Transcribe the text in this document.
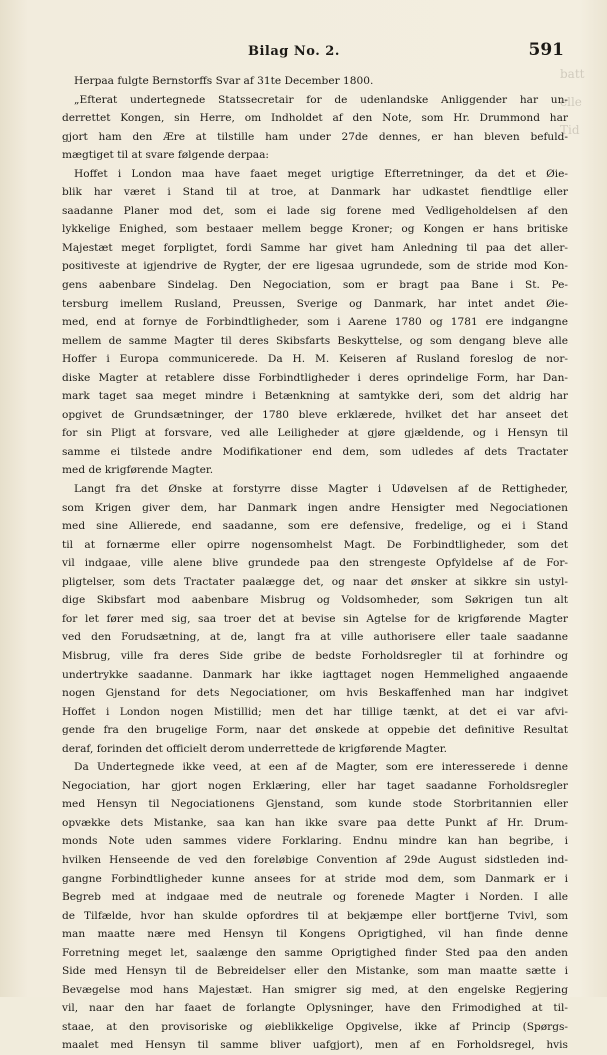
Bilag No. 2.	591
batt
elle
Tid
Herpaa fulgte Bernstorffs Svar af 31te December 1800.
„Efterat undertegnede Statssecretair for de udenlandske Anliggender har un-
derrettet Kongen, sin Herre, om Indholdet af den Note, som Hr. Drummond har
gjort ham den Ære at tilstille ham under 27de dennes, er han bleven befuld-
mægtiget til at svare følgende derpaa:
Hoffet i London maa have faaet meget urigtige Efterretninger, da det et Øie-
blik har været i Stand til at troe, at Danmark har udkastet fiendtlige eller
saadanne Planer mod det, som ei lade sig forene med Vedligeholdelsen af den
lykkelige Enighed, som bestaaer mellem begge Kroner; og Kongen er hans britiske
Majestæt meget forpligtet, fordi Samme har givet ham Anledning til paa det aller-
positiveste at igjendrive de Rygter, der ere ligesaa ugrundede, som de stride mod Kon-
gens aabenbare Sindelag. Den Negociation, som er bragt paa Bane i St. Pe-
tersburg imellem Rusland, Preussen, Sverige og Danmark, har intet andet Øie-
med, end at fornye de Forbindtligheder, som i Aarene 1780 og 1781 ere indgangne
mellem de samme Magter til deres Skibsfarts Beskyttelse, og som dengang bleve alle
Hoffer i Europa communicerede. Da H. M. Keiseren af Rusland foreslog de nor-
diske Magter at retablere disse Forbindtligheder i deres oprindelige Form, har Dan-
mark taget saa meget mindre i Betænkning at samtykke deri, som det aldrig har
opgivet de Grundsætninger, der 1780 bleve erklærede, hvilket det har anseet det
for sin Pligt at forsvare, ved alle Leiligheder at gjøre gjældende, og i Hensyn til
samme ei tilstede andre Modifikationer end dem, som udledes af dets Tractater
med de krigførende Magter.
Langt fra det Ønske at forstyrre disse Magter i Udøvelsen af de Rettigheder,
som Krigen giver dem, har Danmark ingen andre Hensigter med Negociationen
med sine Allierede, end saadanne, som ere defensive, fredelige, og ei i Stand
til at fornærme eller opirre nogensomhelst Magt. De Forbindtligheder, som det
vil indgaae, ville alene blive grundede paa den strengeste Opfyldelse af de For-
pligtelser, som dets Tractater paalægge det, og naar det ønsker at sikkre sin ustyl-
dige Skibsfart mod aabenbare Misbrug og Voldsomheder, som Søkrigen tun alt
for let fører med sig, saa troer det at bevise sin Agtelse for de krigførende Magter
ved den Forudsætning, at de, langt fra at ville authorisere eller taale saadanne
Misbrug, ville fra deres Side gribe de bedste Forholdsregler til at forhindre og
undertrykke saadanne. Danmark har ikke iagttaget nogen Hemmelighed angaaende
nogen Gjenstand for dets Negociationer, om hvis Beskaffenhed man har indgivet
Hoffet i London nogen Mistillid; men det har tillige tænkt, at det ei var afvi-
gende fra den brugelige Form, naar det ønskede at oppebie det definitive Resultat
deraf, forinden det officielt derom underrettede de krigførende Magter.
Da Undertegnede ikke veed, at een af de Magter, som ere interesserede i denne
Negociation, har gjort nogen Erklæring, eller har taget saadanne Forholdsregler
med Hensyn til Negociationens Gjenstand, som kunde stode Storbritannien eller
opvække dets Mistanke, saa kan han ikke svare paa dette Punkt af Hr. Drum-
monds Note uden sammes videre Forklaring. Endnu mindre kan han begribe, i
hvilken Henseende de ved den foreløbige Convention af 29de August sidstleden ind-
gangne Forbindtligheder kunne ansees for at stride mod dem, som Danmark er i
Begreb med at indgaae med de neutrale og forenede Magter i Norden. I alle
de Tilfælde, hvor han skulde opfordres til at bekjæmpe eller bortfjerne Tvivl, som
man maatte nære med Hensyn til Kongens Oprigtighed, vil han finde denne
Forretning meget let, saalænge den samme Oprigtighed finder Sted paa den anden
Side med Hensyn til de Bebreidelser eller den Mistanke, som man maatte sætte i
Bevægelse mod hans Majestæt. Han smigrer sig med, at den engelske Regjering
vil, naar den har faaet de forlangte Oplysninger, have den Frimodighed at til-
staae, at den provisoriske og øieblikkelige Opgivelse, ikke af Princip (Spørgs-
maalet med Hensyn til samme bliver uafgjort), men af en Forholdsregel, hvis
